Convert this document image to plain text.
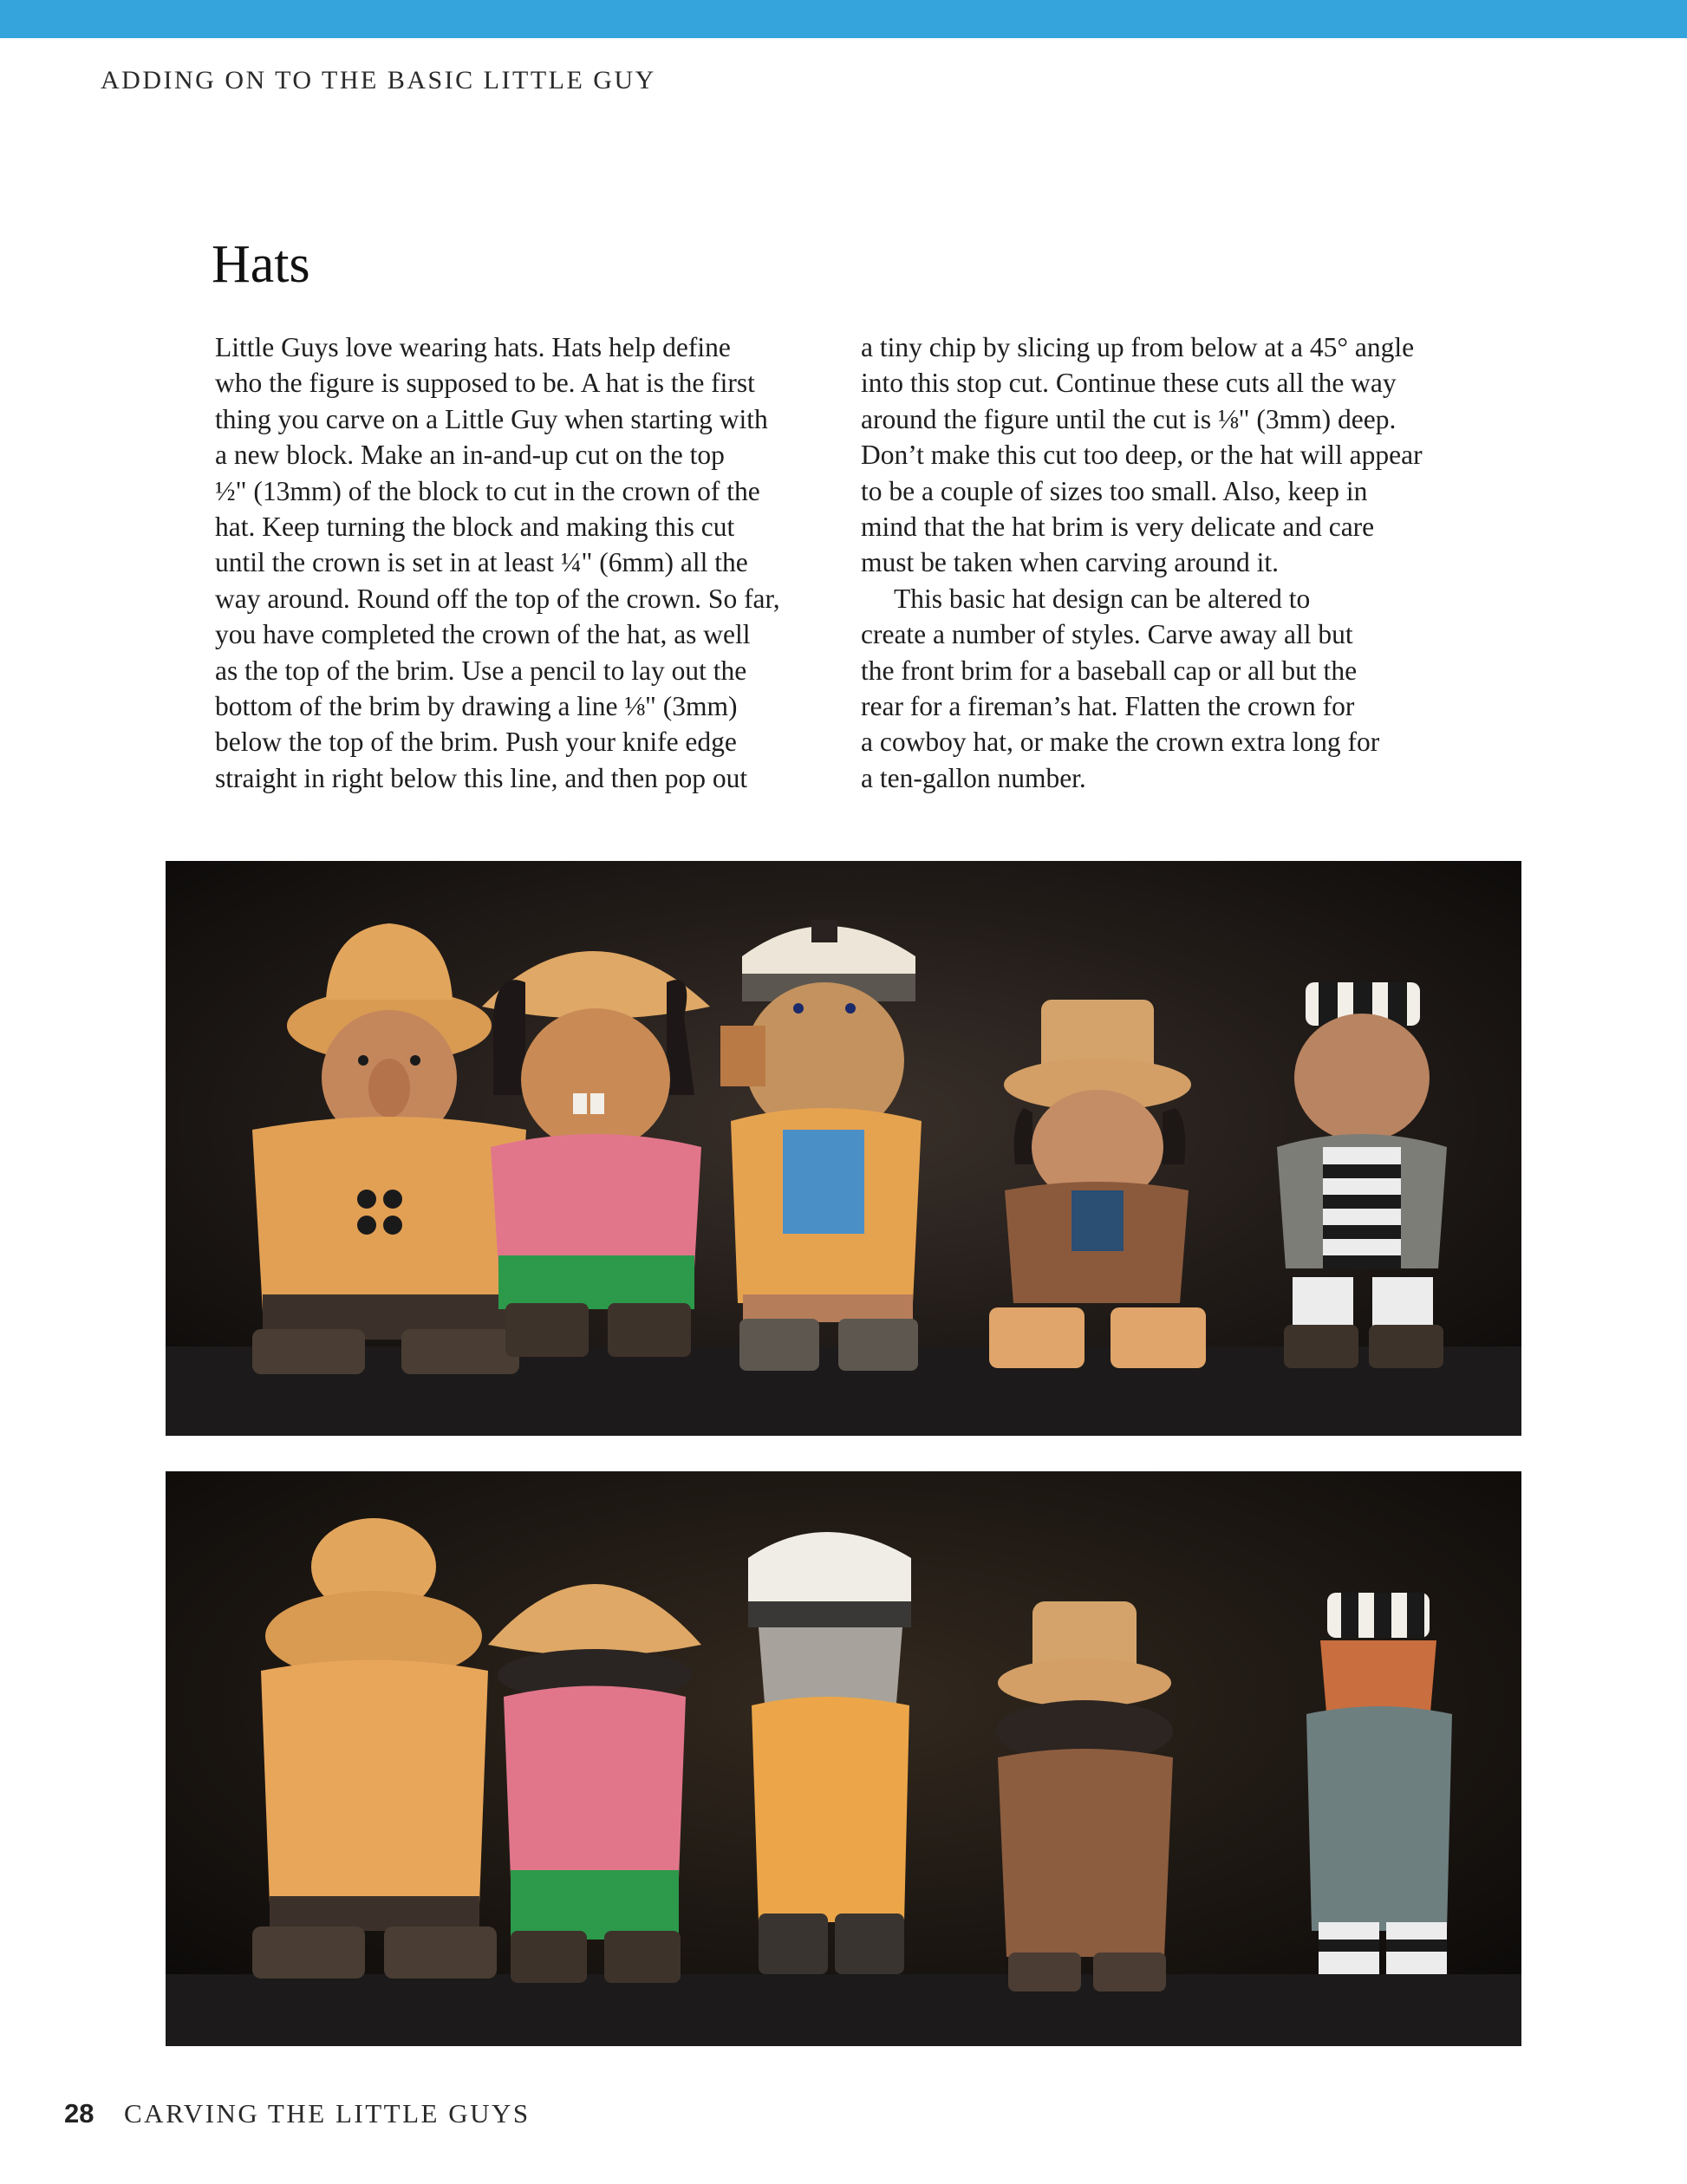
ADDING ON TO THE BASIC LITTLE GUY
Hats
Little Guys love wearing hats. Hats help define
who the figure is supposed to be. A hat is the first
thing you carve on a Little Guy when starting with
a new block. Make an in-and-up cut on the top
½" (13mm) of the block to cut in the crown of the
hat. Keep turning the block and making this cut
until the crown is set in at least ¼" (6mm) all the
way around. Round off the top of the crown. So far,
you have completed the crown of the hat, as well
as the top of the brim. Use a pencil to lay out the
bottom of the brim by drawing a line ⅛" (3mm)
below the top of the brim. Push your knife edge
straight in right below this line, and then pop out
a tiny chip by slicing up from below at a 45° angle
into this stop cut. Continue these cuts all the way
around the figure until the cut is ⅛" (3mm) deep.
Don’t make this cut too deep, or the hat will appear
to be a couple of sizes too small. Also, keep in
mind that the hat brim is very delicate and care
must be taken when carving around it.
This basic hat design can be altered to
create a number of styles. Carve away all but
the front brim for a baseball cap or all but the
rear for a fireman’s hat. Flatten the crown for
a cowboy hat, or make the crown extra long for
a ten-gallon number.
28 CARVING THE LITTLE GUYS
